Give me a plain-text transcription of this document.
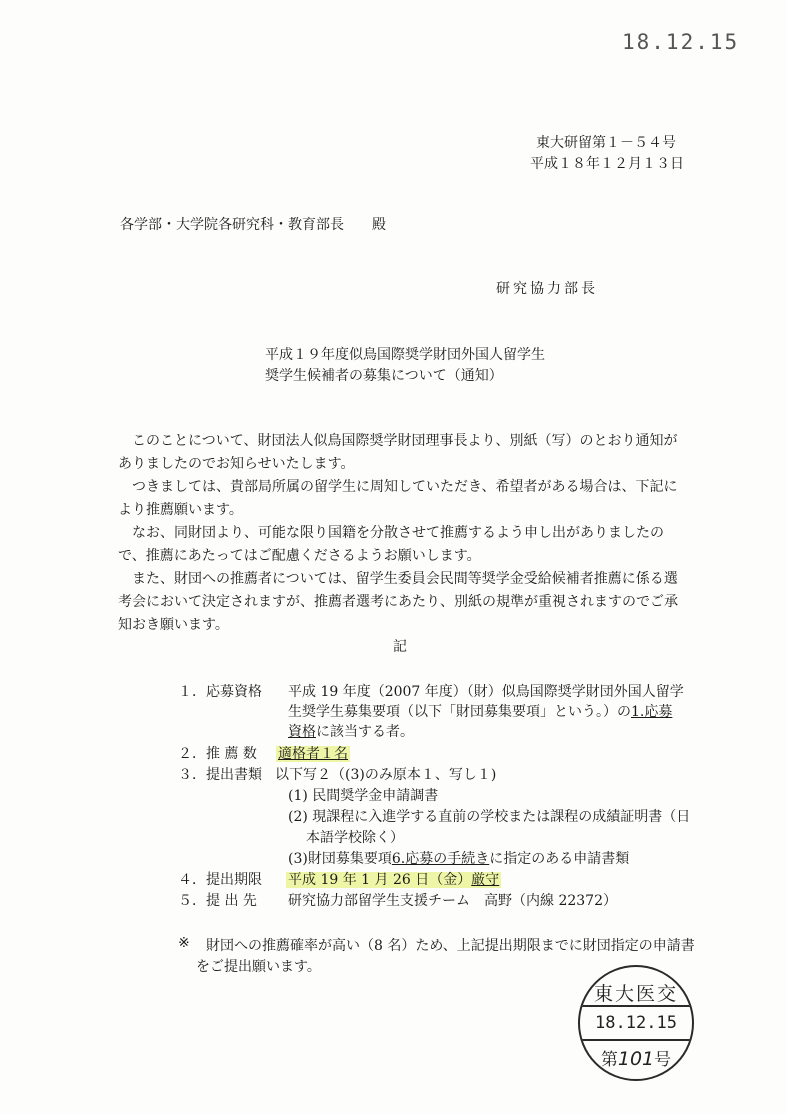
18.12.15
東大研留第１－５４号
平成１８年１２月１３日
各学部・大学院各研究科・教育部長　　殿
研究協力部長
平成１９年度似鳥国際奨学財団外国人留学生
奨学生候補者の募集について（通知）
このことについて、財団法人似鳥国際奨学財団理事長より、別紙（写）のとおり通知がありましたのでお知らせいたします。
つきましては、貴部局所属の留学生に周知していただき、希望者がある場合は、下記により推薦願います。
なお、同財団より、可能な限り国籍を分散させて推薦するよう申し出がありましたので、推薦にあたってはご配慮くださるようお願いします。
また、財団への推薦者については、留学生委員会民間等奨学金受給候補者推薦に係る選考会において決定されますが、推薦者選考にあたり、別紙の規準が重視されますのでご承知おき願います。
記
１． 応募資格 平成 19 年度（2007 年度）（財）似鳥国際奨学財団外国人留学
生奨学生募集要項（以下「財団募集要項」という。）の1.応募
資格に該当する者。
２． 推 薦 数 適格者１名
３． 提出書類 以下写２（(3)のみ原本１、写し１)
(1) 民間奨学金申請調書
(2) 現課程に入進学する直前の学校または課程の成績証明書（日
本語学校除く）
(3)財団募集要項6.応募の手続きに指定のある申請書類
４． 提出期限 平成 19 年 1 月 26 日（金）厳守
５． 提 出 先 研究協力部留学生支援チーム　高野（内線 22372）
※ 財団への推薦確率が高い（8 名）ため、上記提出期限までに財団指定の申請書
をご提出願います。
東大医交
18.12.15
第101号
